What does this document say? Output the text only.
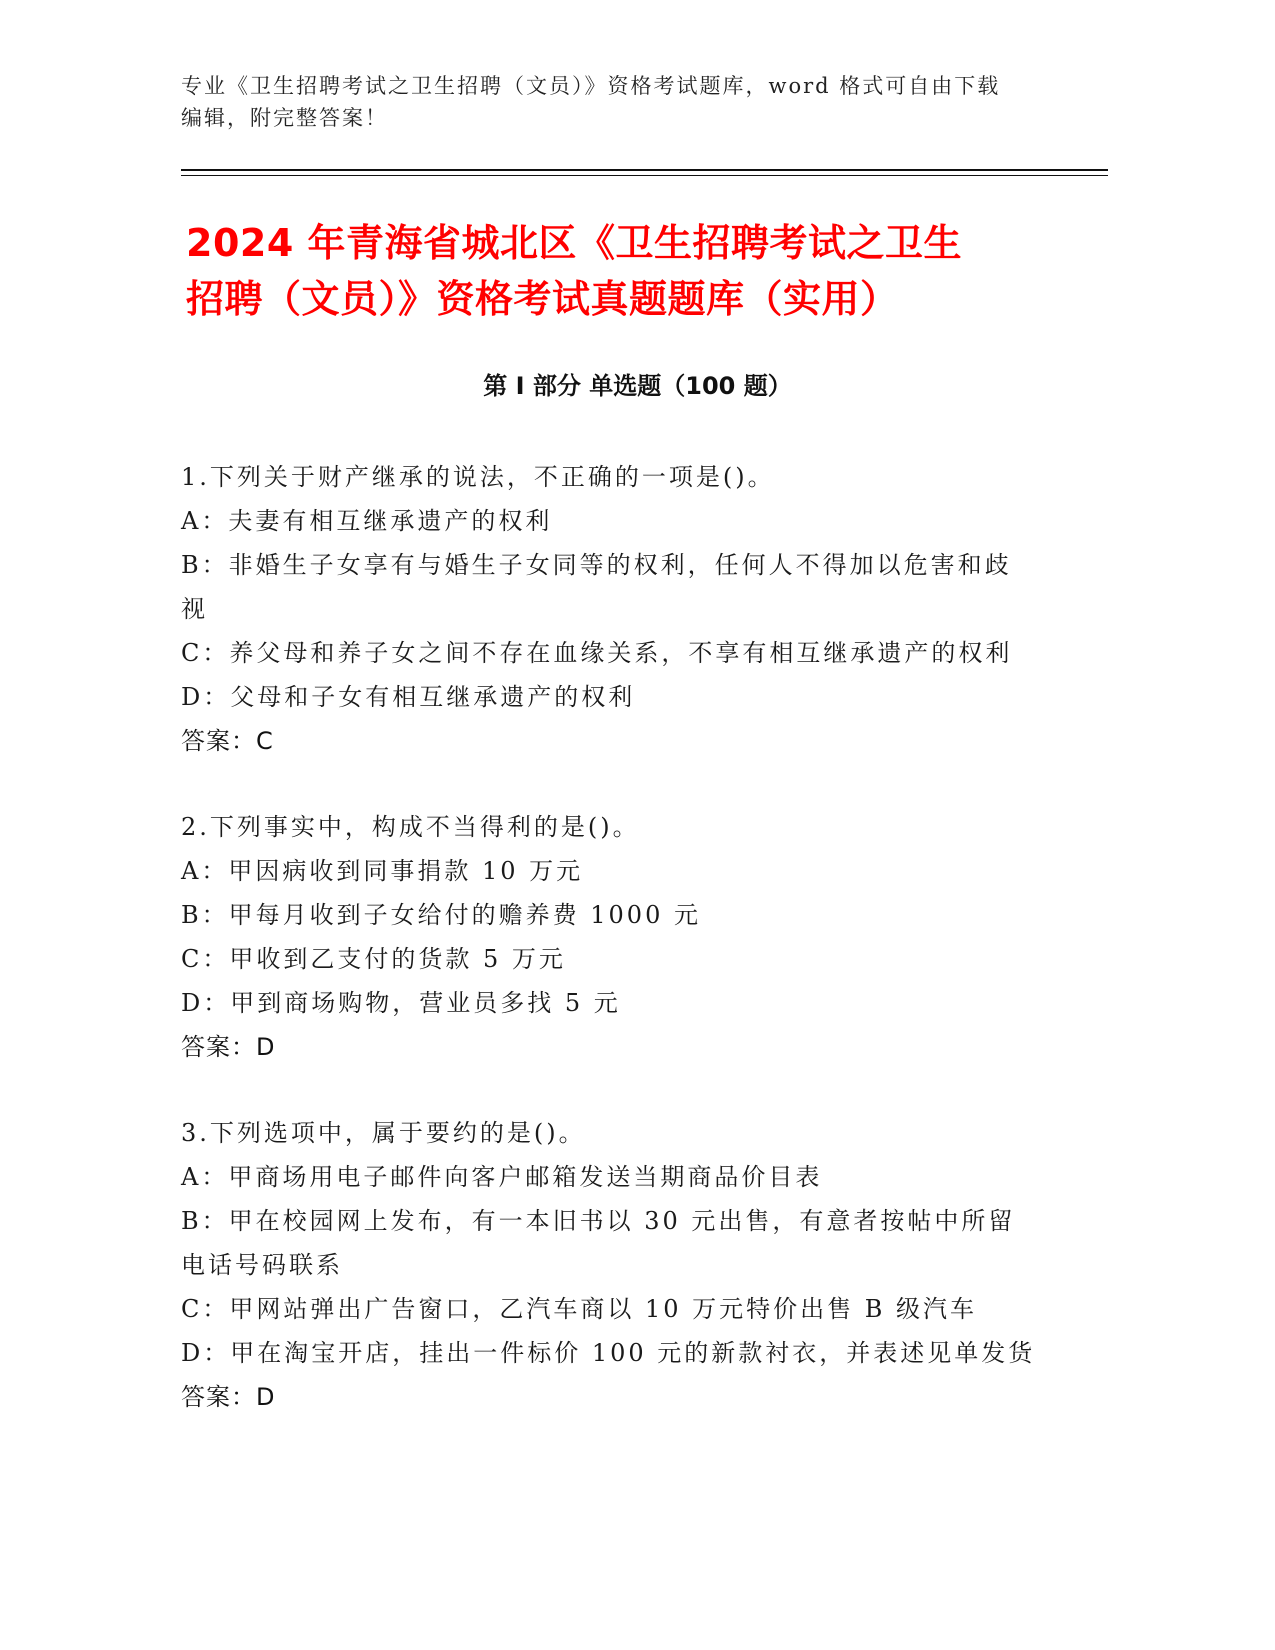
专业《卫生招聘考试之卫生招聘（文员）》资格考试题库，word 格式可自由下载
编辑，附完整答案！
2024 年青海省城北区《卫生招聘考试之卫生
招聘（文员）》资格考试真题题库（实用）
第 I 部分 单选题（100 题）
1.下列关于财产继承的说法，不正确的一项是()。
A：夫妻有相互继承遗产的权利
B：非婚生子女享有与婚生子女同等的权利，任何人不得加以危害和歧
视
C：养父母和养子女之间不存在血缘关系，不享有相互继承遗产的权利
D：父母和子女有相互继承遗产的权利
答案：C
2.下列事实中，构成不当得利的是()。
A：甲因病收到同事捐款 10 万元
B：甲每月收到子女给付的赡养费 1000 元
C：甲收到乙支付的货款 5 万元
D：甲到商场购物，营业员多找 5 元
答案：D
3.下列选项中，属于要约的是()。
A：甲商场用电子邮件向客户邮箱发送当期商品价目表
B：甲在校园网上发布，有一本旧书以 30 元出售，有意者按帖中所留
电话号码联系
C：甲网站弹出广告窗口，乙汽车商以 10 万元特价出售 B 级汽车
D：甲在淘宝开店，挂出一件标价 100 元的新款衬衣，并表述见单发货
答案：D
